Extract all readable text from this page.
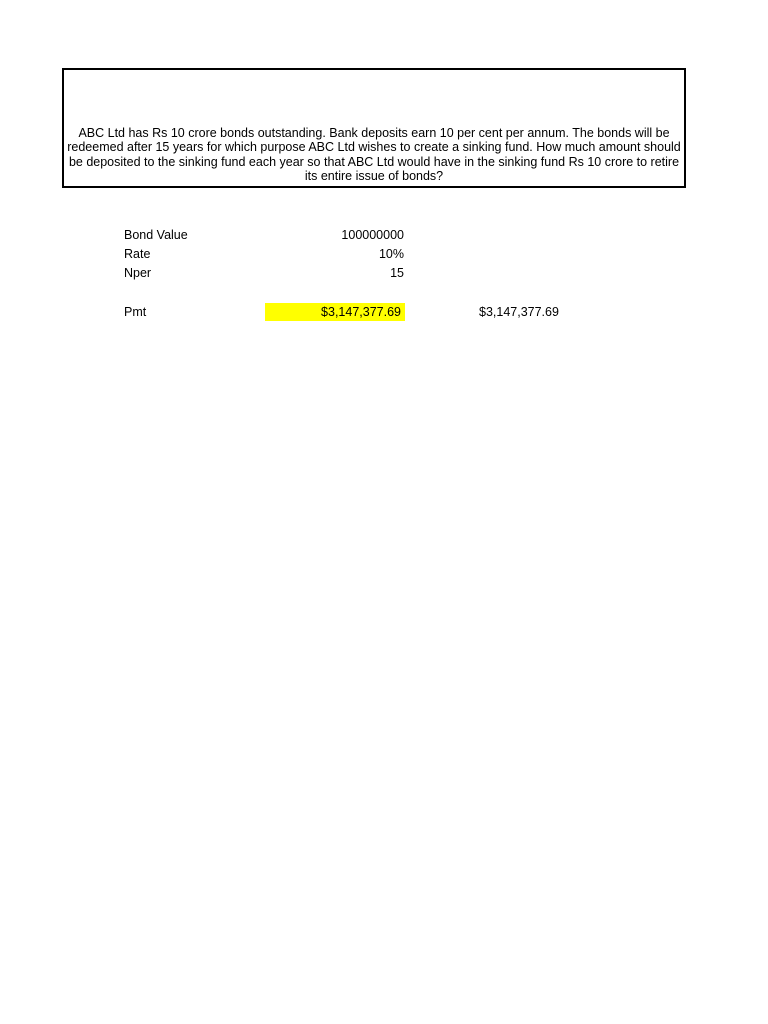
ABC Ltd has Rs 10 crore bonds outstanding. Bank deposits earn 10 per cent per annum. The bonds will be redeemed after 15 years for which purpose ABC Ltd wishes to create a sinking fund. How much amount should be deposited to the sinking fund each year so that ABC Ltd would have in the sinking fund Rs 10 crore to retire its entire issue of bonds?
Bond Value	100000000
Rate	10%
Nper	15
Pmt	$3,147,377.69	$3,147,377.69
